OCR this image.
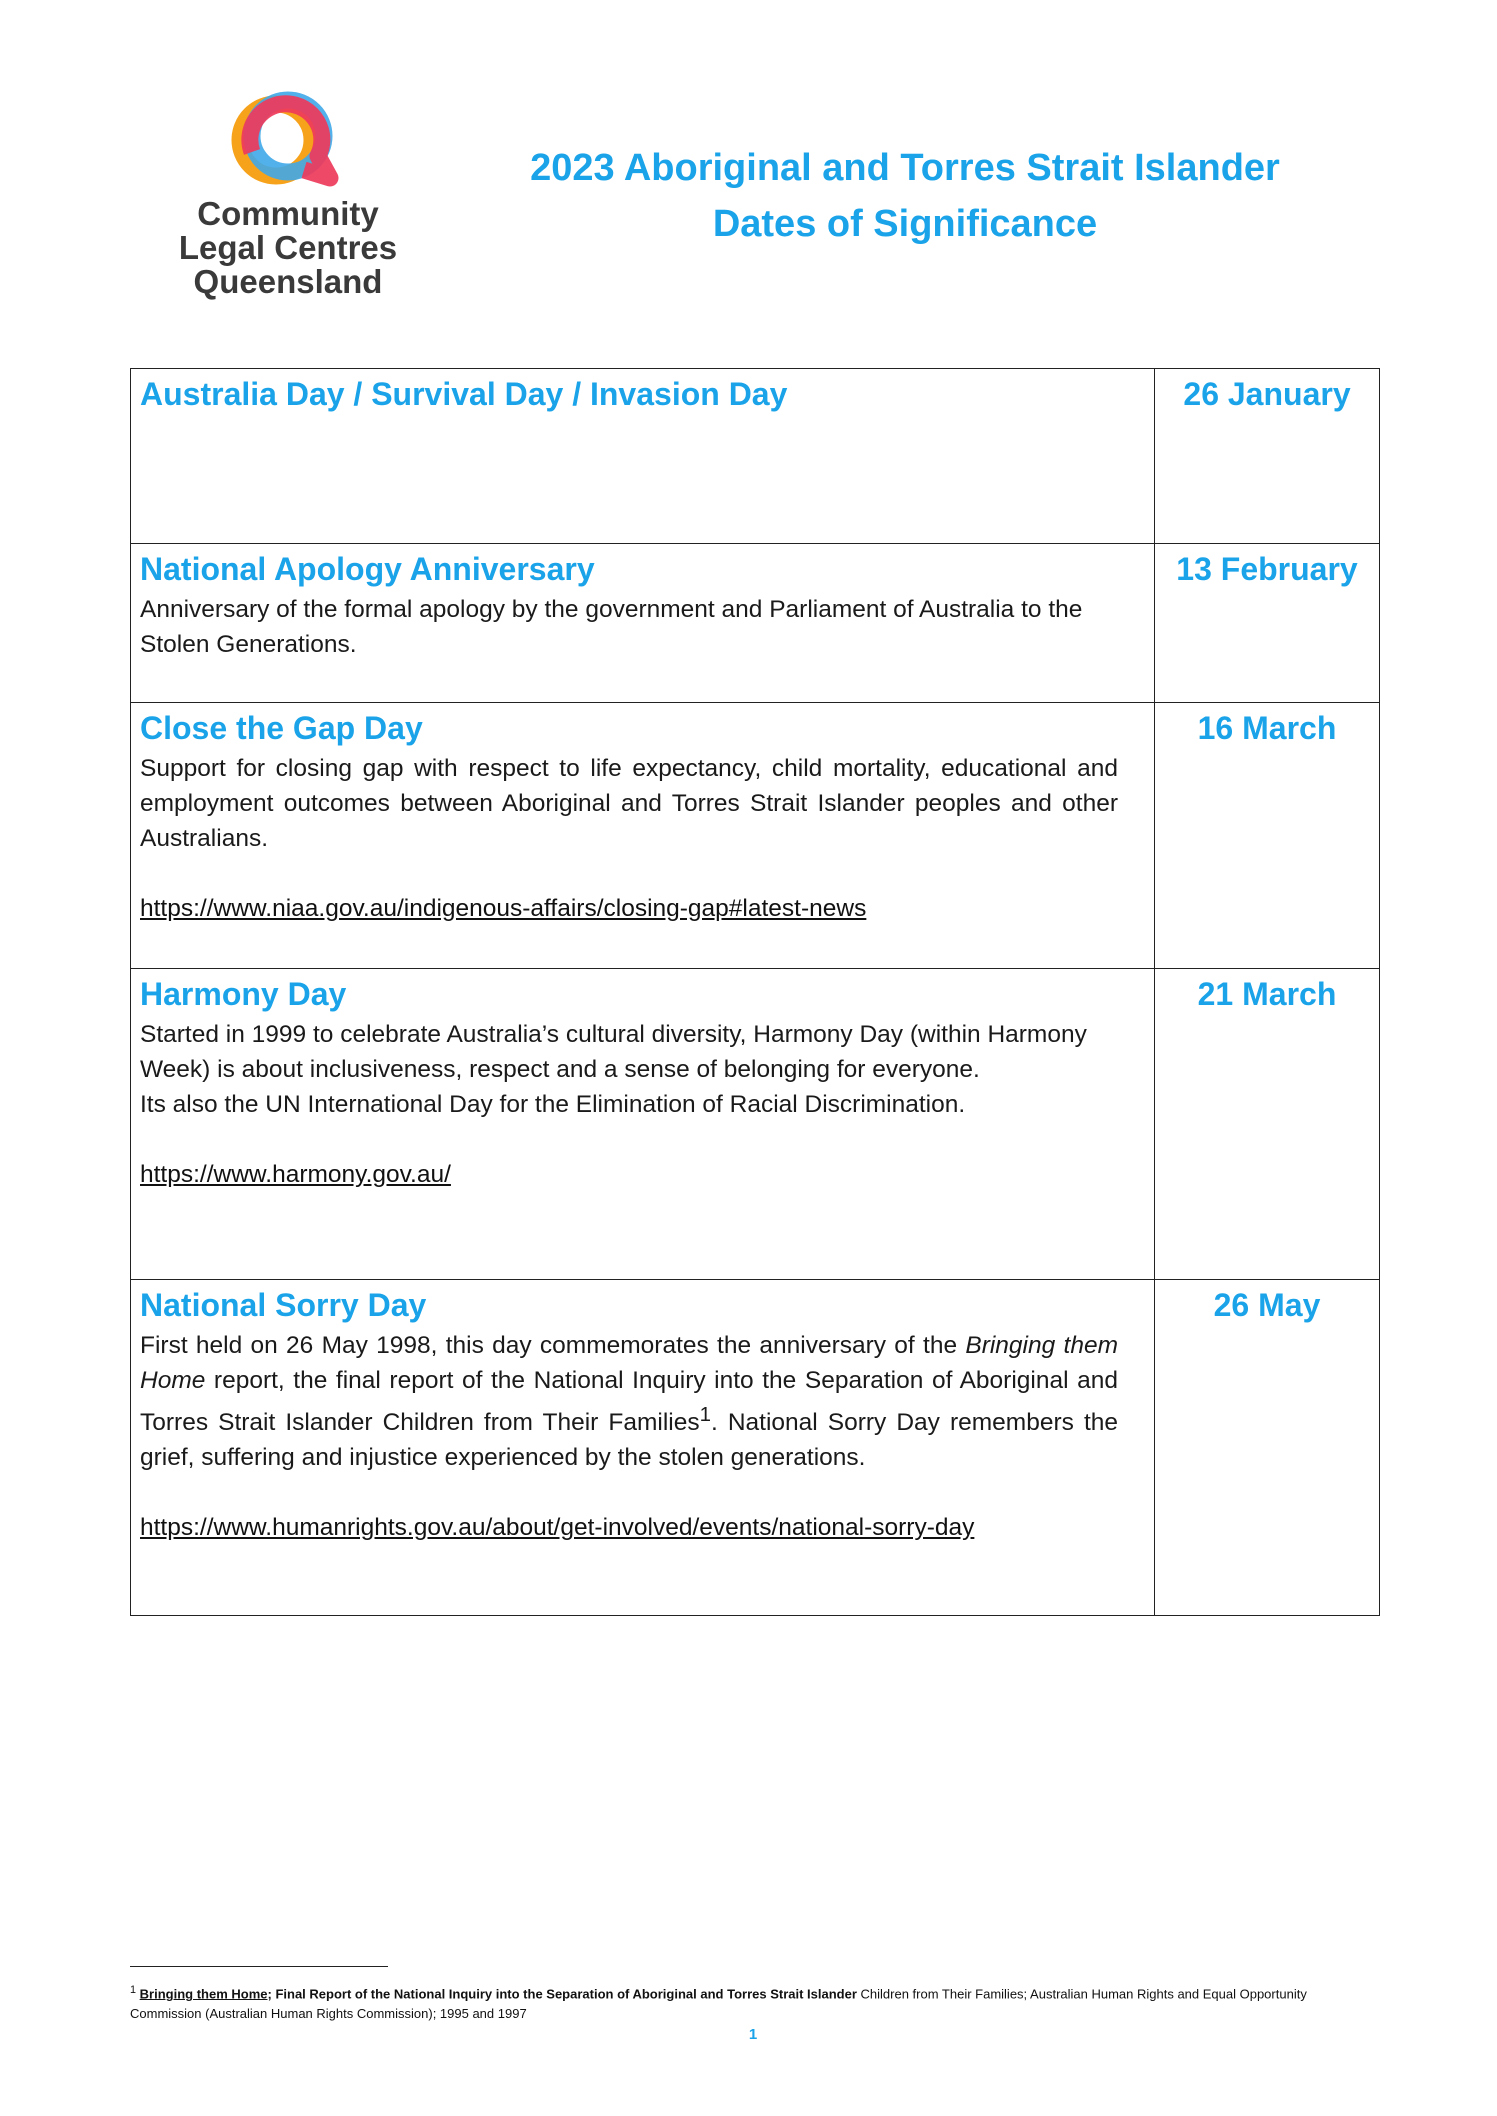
Community
Legal Centres
Queensland
2023 Aboriginal and Torres Strait Islander
Dates of Significance
Australia Day / Survival Day / Invasion Day	26 January

National Apology Anniversary
Anniversary of the formal apology by the government and Parliament of Australia to the Stolen Generations.	13 February

Close the Gap Day
Support for closing gap with respect to life expectancy, child mortality, educational and employment outcomes between Aboriginal and Torres Strait Islander peoples and other Australians.
https://www.niaa.gov.au/indigenous-affairs/closing-gap#latest-news	16 March

Harmony Day
Started in 1999 to celebrate Australia’s cultural diversity, Harmony Day (within Harmony Week) is about inclusiveness, respect and a sense of belonging for everyone.
Its also the UN International Day for the Elimination of Racial Discrimination.
https://www.harmony.gov.au/	21 March

National Sorry Day
First held on 26 May 1998, this day commemorates the anniversary of the Bringing them Home report, the final report of the National Inquiry into the Separation of Aboriginal and Torres Strait Islander Children from Their Families$^1$. National Sorry Day remembers the grief, suffering and injustice experienced by the stolen generations.
https://www.humanrights.gov.au/about/get-involved/events/national-sorry-day	26 May
$^1$ Bringing them Home; Final Report of the National Inquiry into the Separation of Aboriginal and Torres Strait Islander Children from Their Families; Australian Human Rights and Equal Opportunity Commission (Australian Human Rights Commission); 1995 and 1997
1
